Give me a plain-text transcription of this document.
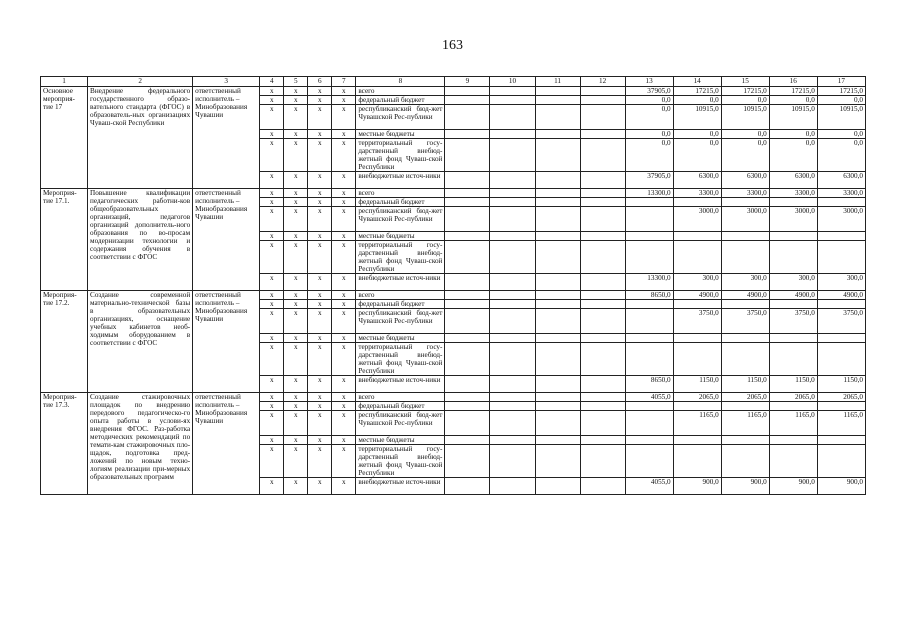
163
1	2	3	4	5	6	7	8	9	10	11	12	13	14	15	16	17
Основное мероприя-тие 17	Внедрение федерального государственного образо-вательного стандарта (ФГОС) в образователь-ных организациях Чуваш-ской Республики	ответственный исполнитель – Минобразования Чувашии	x	x	x	x	всего					37905,0	17215,0	17215,0	17215,0	17215,0
			x	x	x	x	федеральный бюджет					0,0	0,0	0,0	0,0	0,0
			x	x	x	x	республиканский бюд-жет Чувашской Рес-публики					0,0	10915,0	10915,0	10915,0	10915,0
			x	x	x	x	местные бюджеты					0,0	0,0	0,0	0,0	0,0
			x	x	x	x	территориальный госу-дарственный внебюд-жетный фонд Чуваш-ской Республики					0,0	0,0	0,0	0,0	0,0
			x	x	x	x	внебюджетные источ-ники					37905,0	6300,0	6300,0	6300,0	6300,0
Мероприя-тие 17.1.	Повышение квалификации педагогических работни-ков общеобразовательных организаций, педагогов организаций дополнитель-ного образования по во-просам модернизации технологии и содержания обучения в соответствии с ФГОС	ответственный исполнитель – Минобразования Чувашии	x	x	x	x	всего					13300,0	3300,0	3300,0	3300,0	3300,0
			x	x	x	x	федеральный бюджет									
			x	x	x	x	республиканский бюд-жет Чувашской Рес-публики						3000,0	3000,0	3000,0	3000,0
			x	x	x	x	местные бюджеты									
			x	x	x	x	территориальный госу-дарственный внебюд-жетный фонд Чуваш-ской Республики									
			x	x	x	x	внебюджетные источ-ники					13300,0	300,0	300,0	300,0	300,0
Мероприя-тие 17.2.	Создание современной материально-технической базы в образовательных организациях, оснащение учебных кабинетов необ-ходимым оборудованием в соответствии с ФГОС	ответственный исполнитель – Минобразования Чувашии	x	x	x	x	всего					8650,0	4900,0	4900,0	4900,0	4900,0
			x	x	x	x	федеральный бюджет									
			x	x	x	x	республиканский бюд-жет Чувашской Рес-публики						3750,0	3750,0	3750,0	3750,0
			x	x	x	x	местные бюджеты									
			x	x	x	x	территориальный госу-дарственный внебюд-жетный фонд Чуваш-ской Республики									
			x	x	x	x	внебюджетные источ-ники					8650,0	1150,0	1150,0	1150,0	1150,0
Мероприя-тие 17.3.	Создание стажировочных площадок по внедрению передового педагогическо-го опыта работы в услови-ях внедрения ФГОС. Раз-работка методических рекомендаций по темати-кам стажировочных пло-щадок, подготовка пред-ложений по новым техно-логиям реализации при-мерных образовательных программ	ответственный исполнитель – Минобразования Чувашии	x	x	x	x	всего					4055,0	2065,0	2065,0	2065,0	2065,0
			x	x	x	x	федеральный бюджет									
			x	x	x	x	республиканский бюд-жет Чувашской Рес-публики						1165,0	1165,0	1165,0	1165,0
			x	x	x	x	местные бюджеты									
			x	x	x	x	территориальный госу-дарственный внебюд-жетный фонд Чуваш-ской Республики									
			x	x	x	x	внебюджетные источ-ники					4055,0	900,0	900,0	900,0	900,0
